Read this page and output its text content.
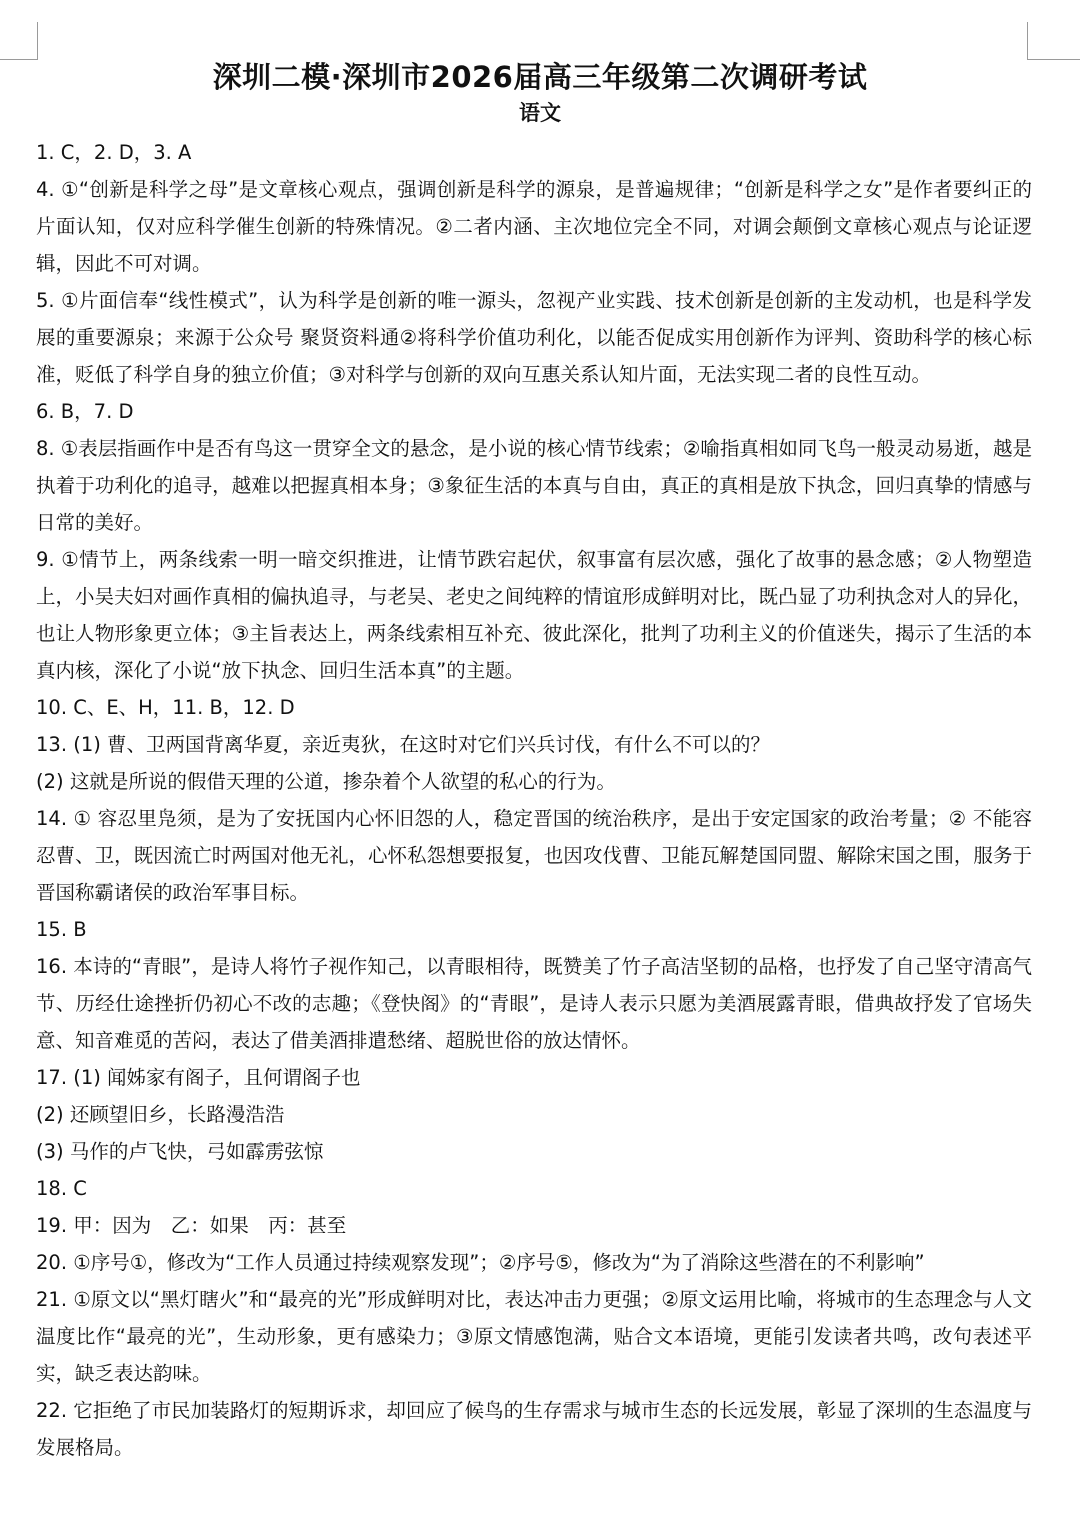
深圳二模·深圳市2026届高三年级第二次调研考试
语文

1. C，2. D，3. A

4. ①“创新是科学之母”是文章核心观点，强调创新是科学的源泉，是普遍规律；“创新是科学之女”是作者要纠正的片面认知，仅对应科学催生创新的特殊情况。②二者内涵、主次地位完全不同，对调会颠倒文章核心观点与论证逻辑，因此不可对调。

5. ①片面信奉“线性模式”，认为科学是创新的唯一源头，忽视产业实践、技术创新是创新的主发动机，也是科学发展的重要源泉；来源于公众号 聚贤资料通②将科学价值功利化，以能否促成实用创新作为评判、资助科学的核心标准，贬低了科学自身的独立价值；③对科学与创新的双向互惠关系认知片面，无法实现二者的良性互动。

6. B，7. D

8. ①表层指画作中是否有鸟这一贯穿全文的悬念，是小说的核心情节线索；②喻指真相如同飞鸟一般灵动易逝，越是执着于功利化的追寻，越难以把握真相本身；③象征生活的本真与自由，真正的真相是放下执念，回归真挚的情感与日常的美好。

9. ①情节上，两条线索一明一暗交织推进，让情节跌宕起伏，叙事富有层次感，强化了故事的悬念感；②人物塑造上，小吴夫妇对画作真相的偏执追寻，与老吴、老史之间纯粹的情谊形成鲜明对比，既凸显了功利执念对人的异化，也让人物形象更立体；③主旨表达上，两条线索相互补充、彼此深化，批判了功利主义的价值迷失，揭示了生活的本真内核，深化了小说“放下执念、回归生活本真”的主题。

10. C、E、H，11. B，12. D

13. (1) 曹、卫两国背离华夏，亲近夷狄，在这时对它们兴兵讨伐，有什么不可以的？

(2) 这就是所说的假借天理的公道，掺杂着个人欲望的私心的行为。

14. ① 容忍里凫须，是为了安抚国内心怀旧怨的人，稳定晋国的统治秩序，是出于安定国家的政治考量；② 不能容忍曹、卫，既因流亡时两国对他无礼，心怀私怨想要报复，也因攻伐曹、卫能瓦解楚国同盟、解除宋国之围，服务于晋国称霸诸侯的政治军事目标。

15. B

16. 本诗的“青眼”，是诗人将竹子视作知己，以青眼相待，既赞美了竹子高洁坚韧的品格，也抒发了自己坚守清高气节、历经仕途挫折仍初心不改的志趣；《登快阁》的“青眼”，是诗人表示只愿为美酒展露青眼，借典故抒发了官场失意、知音难觅的苦闷，表达了借美酒排遣愁绪、超脱世俗的放达情怀。

17. (1) 闻姊家有阁子，且何谓阁子也

(2) 还顾望旧乡，长路漫浩浩

(3) 马作的卢飞快，弓如霹雳弦惊

18. C

19. 甲：因为　乙：如果　丙：甚至

20. ①序号①，修改为“工作人员通过持续观察发现”；②序号⑤，修改为“为了消除这些潜在的不利影响”

21. ①原文以“黑灯瞎火”和“最亮的光”形成鲜明对比，表达冲击力更强；②原文运用比喻，将城市的生态理念与人文温度比作“最亮的光”，生动形象，更有感染力；③原文情感饱满，贴合文本语境，更能引发读者共鸣，改句表述平实，缺乏表达韵味。

22. 它拒绝了市民加装路灯的短期诉求，却回应了候鸟的生存需求与城市生态的长远发展，彰显了深圳的生态温度与发展格局。
